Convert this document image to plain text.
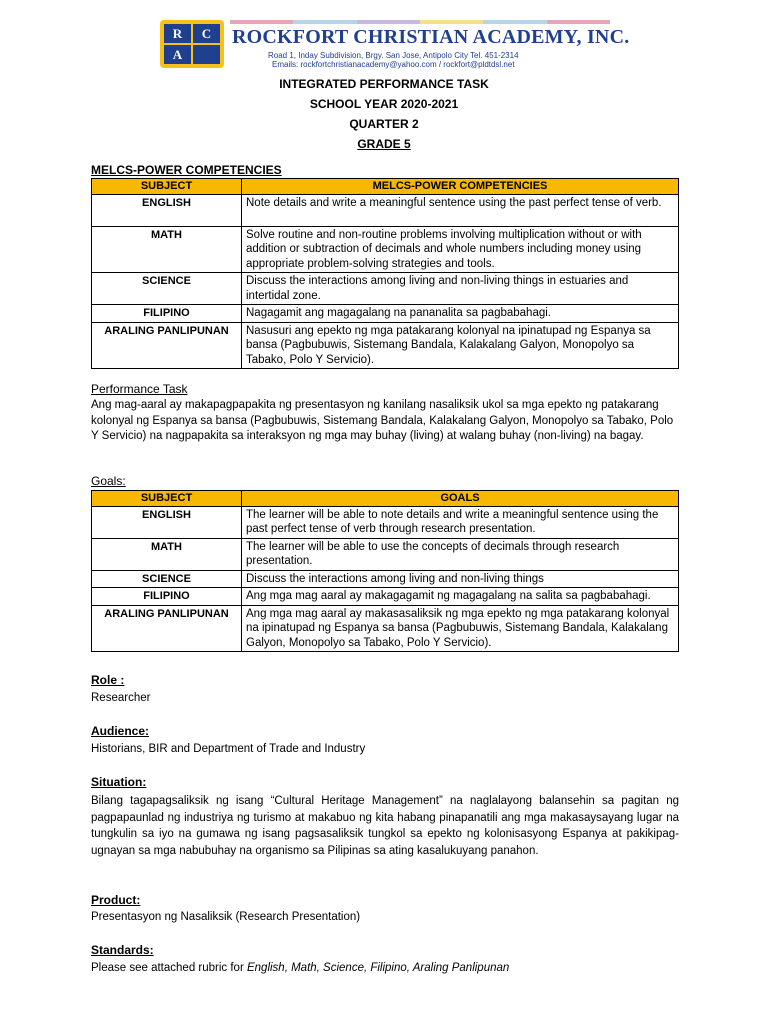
R	C
A
ROCKFORT CHRISTIAN ACADEMY, INC.
Road 1, Inday Subdivision, Brgy. San Jose, Antipolo City Tel. 451-2314
Emails: rockfortchristianacademy@yahoo.com / rockfort@pldtdsl.net
INTEGRATED PERFORMANCE TASK
SCHOOL YEAR 2020-2021
QUARTER 2
GRADE 5
MELCS-POWER COMPETENCIES
SUBJECT	MELCS-POWER COMPETENCIES
ENGLISH	Note details and write a meaningful sentence using the past perfect tense of verb.
MATH	Solve routine and non-routine problems involving multiplication without or with addition or subtraction of decimals and whole numbers including money using appropriate problem-solving strategies and tools.
SCIENCE	Discuss the interactions among living and non-living things in estuaries and intertidal zone.
FILIPINO	Nagagamit ang magagalang na pananalita sa pagbabahagi.
ARALING PANLIPUNAN	Nasusuri ang epekto ng mga patakarang kolonyal na ipinatupad ng Espanya sa bansa (Pagbubuwis, Sistemang Bandala, Kalakalang Galyon, Monopolyo sa Tabako, Polo Y Servicio).
Performance Task
Ang mag-aaral ay makapagpapakita ng presentasyon ng kanilang nasaliksik ukol sa mga epekto ng patakarang kolonyal ng Espanya sa bansa (Pagbubuwis, Sistemang Bandala, Kalakalang Galyon, Monopolyo sa Tabako, Polo Y Servicio) na nagpapakita sa interaksyon ng mga may buhay (living) at walang buhay (non-living) na bagay.
Goals:
SUBJECT	GOALS
ENGLISH	The learner will be able to note details and write a meaningful sentence using the past perfect tense of verb through research presentation.
MATH	The learner will be able to use the concepts of decimals through research presentation.
SCIENCE	Discuss the interactions among living and non-living things
FILIPINO	Ang mga mag aaral ay makagagamit ng magagalang na salita sa pagbabahagi.
ARALING PANLIPUNAN	Ang mga mag aaral ay makasasaliksik ng mga epekto ng mga patakarang kolonyal na ipinatupad ng Espanya sa bansa (Pagbubuwis, Sistemang Bandala, Kalakalang Galyon, Monopolyo sa Tabako, Polo Y Servicio).
Role :
Researcher
Audience:
Historians, BIR and Department of Trade and Industry
Situation:
Bilang tagapagsaliksik ng isang “Cultural Heritage Management” na naglalayong balansehin sa pagitan ng pagpapaunlad ng industriya ng turismo at makabuo ng kita habang pinapanatili ang mga makasaysayang lugar na tungkulin sa iyo na gumawa ng isang pagsasaliksik tungkol sa epekto ng kolonisasyong Espanya at pakikipag-ugnayan sa mga nabubuhay na organismo sa Pilipinas sa ating kasalukuyang panahon.
Product:
Presentasyon ng Nasaliksik (Research Presentation)
Standards:
Please see attached rubric for English, Math, Science, Filipino, Araling Panlipunan
